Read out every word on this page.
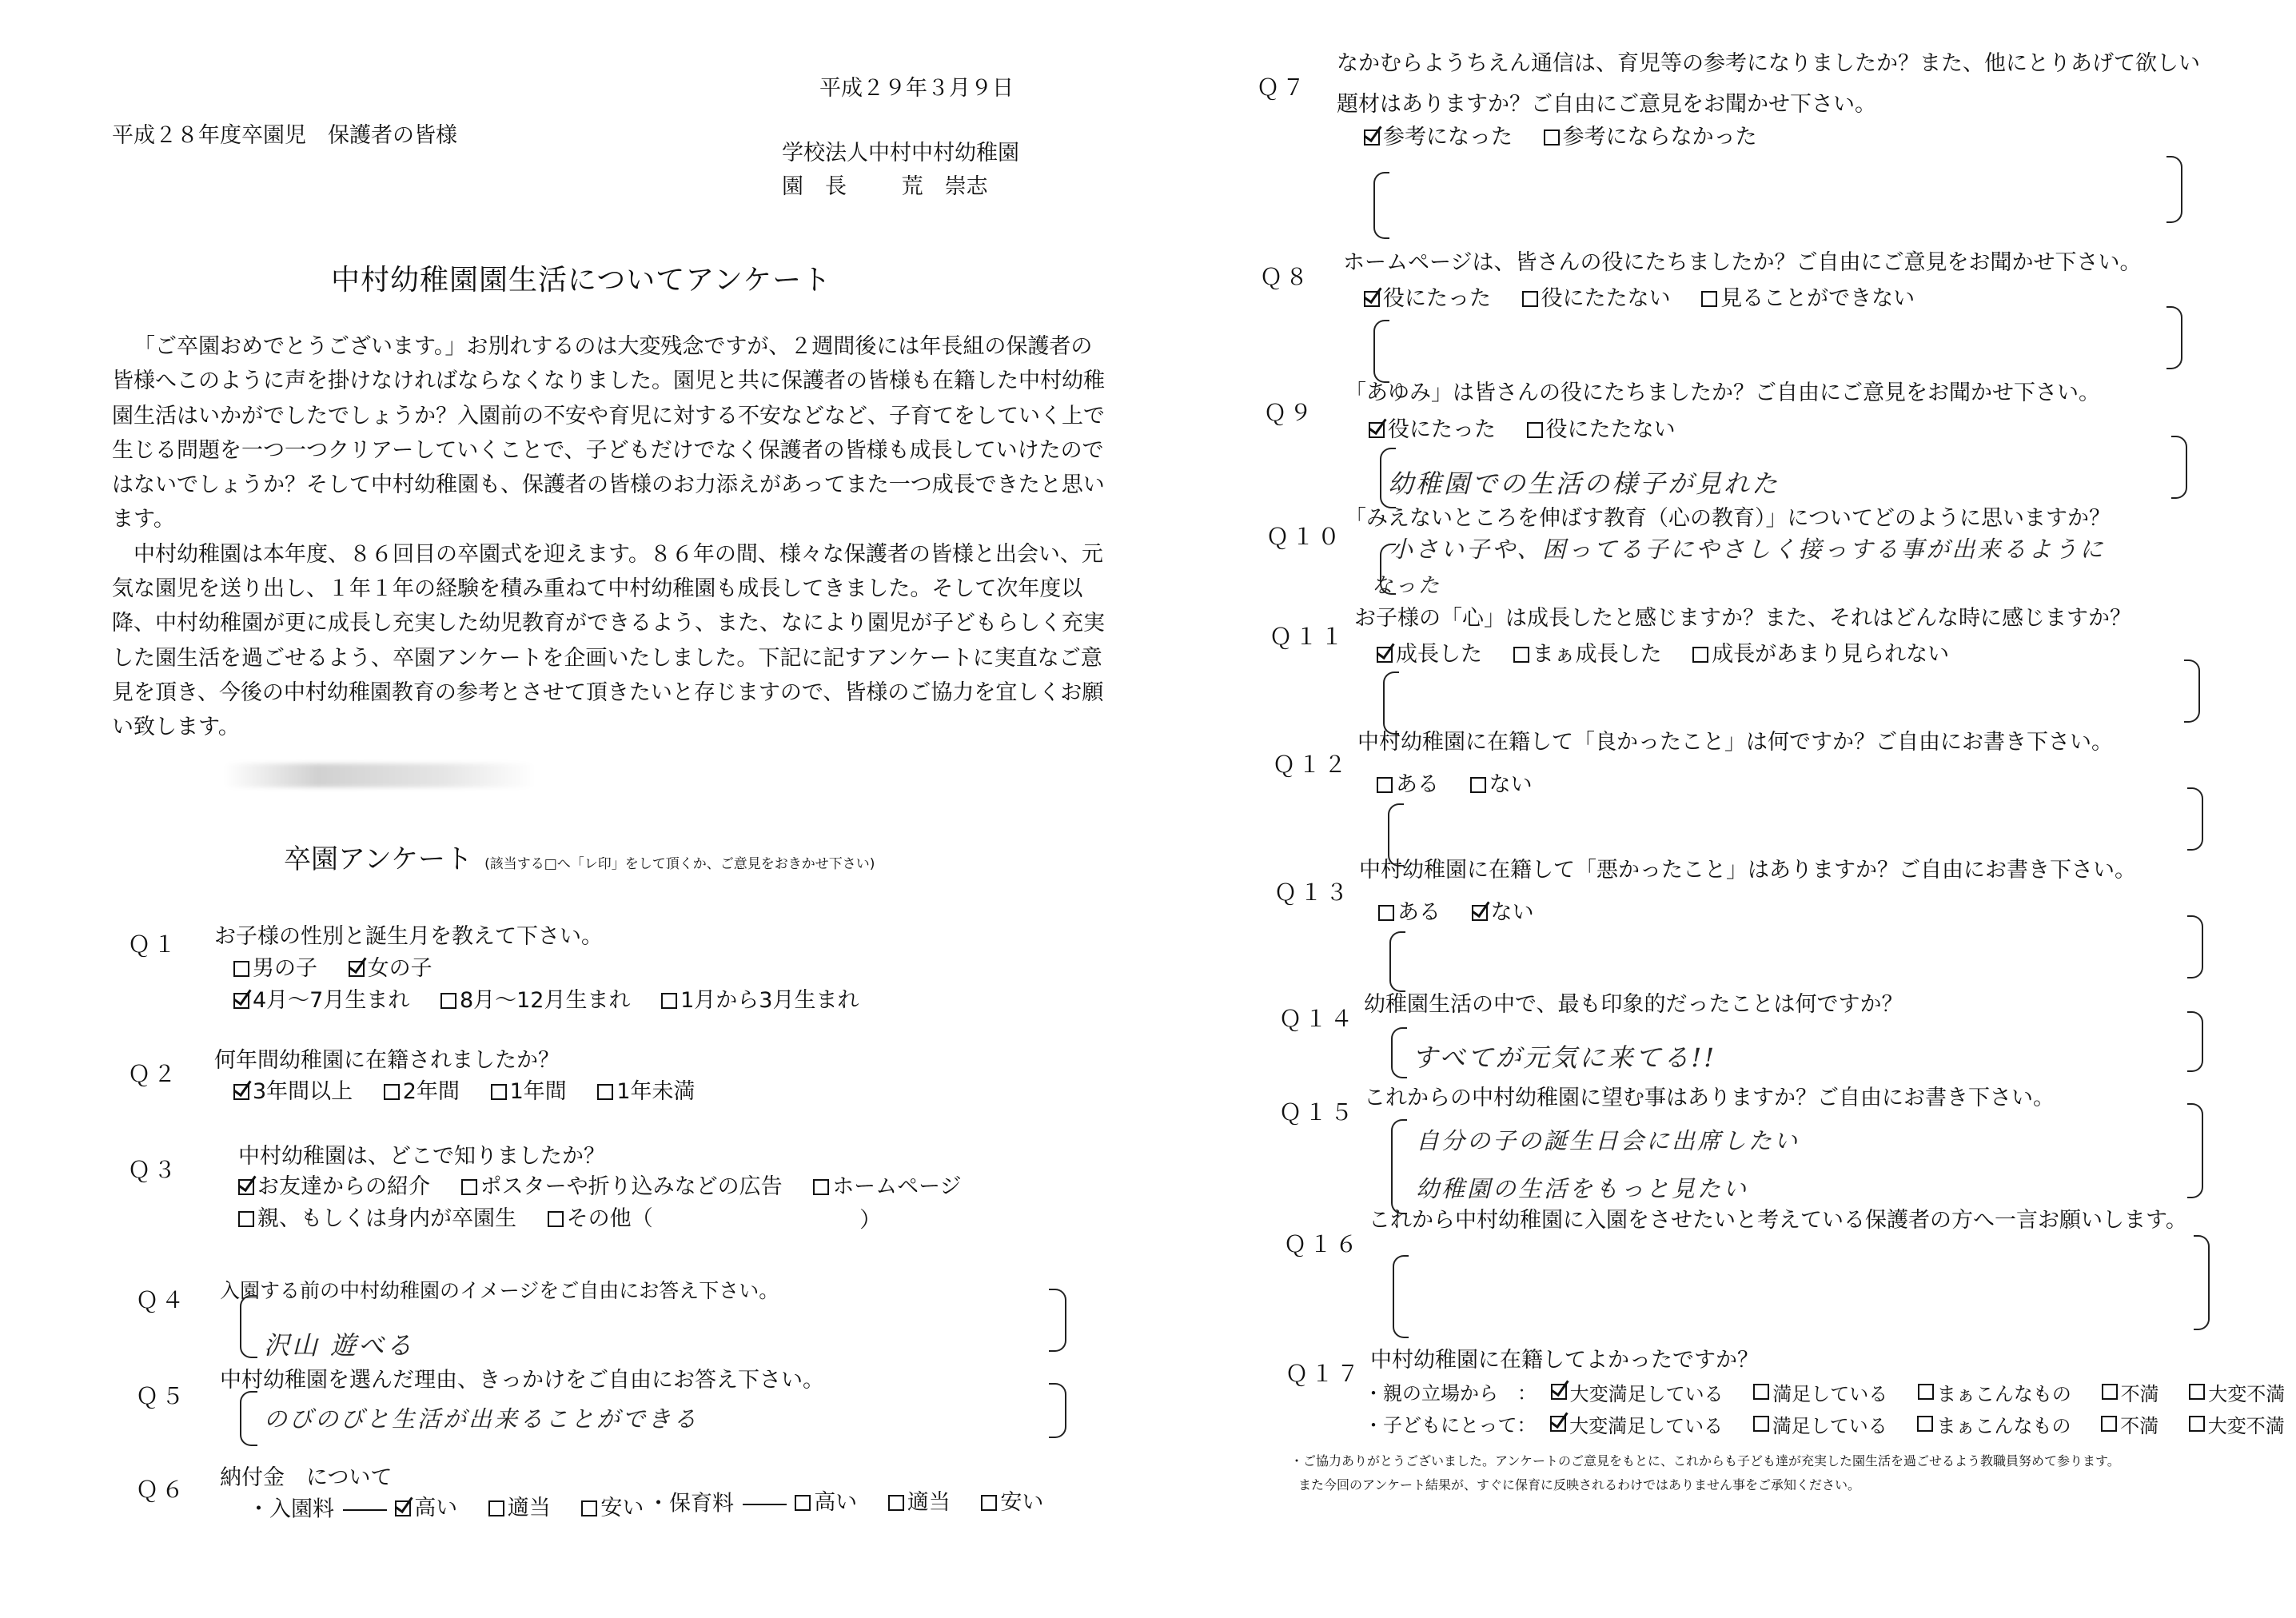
平成２９年３月９日
平成２８年度卒園児　保護者の皆様
学校法人中村中村幼稚園
園　長	荒　崇志
中村幼稚園園生活についてアンケート

「ご卒園おめでとうございます。」お別れするのは大変残念ですが、２週間後には年長組の保護者の皆様へこのように声を掛けなければならなくなりました。園児と共に保護者の皆様も在籍した中村幼稚園生活はいかがでしたでしょうか？入園前の不安や育児に対する不安などなど、子育てをしていく上で生じる問題を一つ一つクリアーしていくことで、子どもだけでなく保護者の皆様も成長していけたのではないでしょうか？そして中村幼稚園も、保護者の皆様のお力添えがあってまた一つ成長できたと思います。

中村幼稚園は本年度、８６回目の卒園式を迎えます。８６年の間、様々な保護者の皆様と出会い、元気な園児を送り出し、１年１年の経験を積み重ねて中村幼稚園も成長してきました。そして次年度以降、中村幼稚園が更に成長し充実した幼児教育ができるよう、また、なにより園児が子どもらしく充実した園生活を過ごせるよう、卒園アンケートを企画いたしました。下記に記すアンケートに実直なご意見を頂き、今後の中村幼稚園教育の参考とさせて頂きたいと存じますので、皆様のご協力を宜しくお願い致します。

卒園アンケート (該当する□へ「レ印」をして頂くか、ご意見をおきかせ下さい)
Ｑ１ お子様の性別と誕生月を教えて下さい。
男の子
女の子
4月～7月生まれ
8月～12月生まれ
1月から3月生まれ
Ｑ２
何年間幼稚園に在籍されましたか？
3年間以上
2年間
1年間
1年未満
Ｑ３
中村幼稚園は、どこで知りましたか？
お友達からの紹介
ポスターや折り込みなどの広告
ホームページ
親、もしくは身内が卒園生
その他（	）
Ｑ４ 入園する前の中村幼稚園のイメージをご自由にお答え下さい。
沢山 遊べる
Ｑ５
中村幼稚園を選んだ理由、きっかけをご自由にお答え下さい。
のびのびと生活が出来ることができる
Ｑ６ 納付金　について
・入園料	高い
適当
安い ・保育料	高い
適当
安い
Ｑ７
なかむらようちえん通信は、育児等の参考になりましたか？また、他にとりあげて欲しい
題材はありますか？ご自由にご意見をお聞かせ下さい。
参考になった
参考にならなかった
Ｑ８
ホームページは、皆さんの役にたちましたか？ご自由にご意見をお聞かせ下さい。
役にたった
役にたたない
見ることができない
Ｑ９
「あゆみ」は皆さんの役にたちましたか？ご自由にご意見をお聞かせ下さい。
役にたった
役にたたない
幼稚園での生活の様子が見れた
Ｑ１０
「みえないところを伸ばす教育（心の教育）」についてどのように思いますか？
小さい子や、困ってる子にやさしく接っする事が出来るように
なった
Ｑ１１
お子様の「心」は成長したと感じますか？また、それはどんな時に感じますか？
成長した
まぁ成長した
成長があまり見られない
Ｑ１２
中村幼稚園に在籍して「良かったこと」は何ですか？ご自由にお書き下さい。
ある
ない
Ｑ１３
中村幼稚園に在籍して「悪かったこと」はありますか？ご自由にお書き下さい。
ある
ない
Ｑ１４
幼稚園生活の中で、最も印象的だったことは何ですか？
すべてが元気に来てる!!
Ｑ１５
これからの中村幼稚園に望む事はありますか？ご自由にお書き下さい。
自分の子の誕生日会に出席したい
幼稚園の生活をもっと見たい
Ｑ１６
これから中村幼稚園に入園をさせたいと考えている保護者の方へ一言お願いします。
Ｑ１７
中村幼稚園に在籍してよかったですか？
・親の立場から　： 大変満足している
	満足している
	まぁこんなもの
	不満
	大変不満
・子どもにとって： 大変満足している
	満足している
	まぁこんなもの
	不満
	大変不満
・ご協力ありがとうございました。アンケートのご意見をもとに、これからも子ども達が充実した園生活を過ごせるよう教職員努めて参ります。
また今回のアンケート結果が、すぐに保育に反映されるわけではありません事をご承知ください。
